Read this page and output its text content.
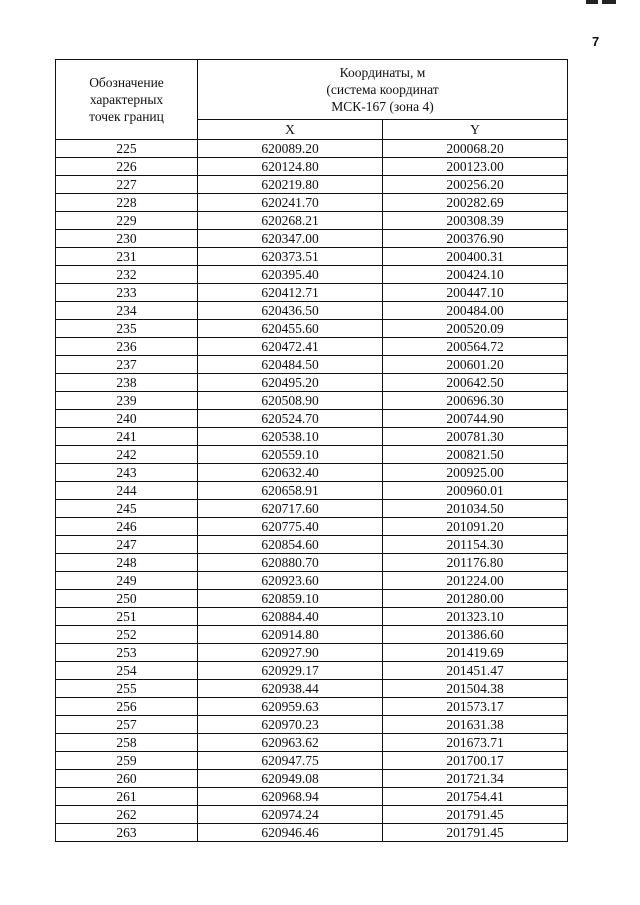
7
Обозначение
характерных
точек границ	Координаты, м
(система координат
МСК-167 (зона 4)	
	X	Y
225	620089.20	200068.20
226	620124.80	200123.00
227	620219.80	200256.20
228	620241.70	200282.69
229	620268.21	200308.39
230	620347.00	200376.90
231	620373.51	200400.31
232	620395.40	200424.10
233	620412.71	200447.10
234	620436.50	200484.00
235	620455.60	200520.09
236	620472.41	200564.72
237	620484.50	200601.20
238	620495.20	200642.50
239	620508.90	200696.30
240	620524.70	200744.90
241	620538.10	200781.30
242	620559.10	200821.50
243	620632.40	200925.00
244	620658.91	200960.01
245	620717.60	201034.50
246	620775.40	201091.20
247	620854.60	201154.30
248	620880.70	201176.80
249	620923.60	201224.00
250	620859.10	201280.00
251	620884.40	201323.10
252	620914.80	201386.60
253	620927.90	201419.69
254	620929.17	201451.47
255	620938.44	201504.38
256	620959.63	201573.17
257	620970.23	201631.38
258	620963.62	201673.71
259	620947.75	201700.17
260	620949.08	201721.34
261	620968.94	201754.41
262	620974.24	201791.45
263	620946.46	201791.45
